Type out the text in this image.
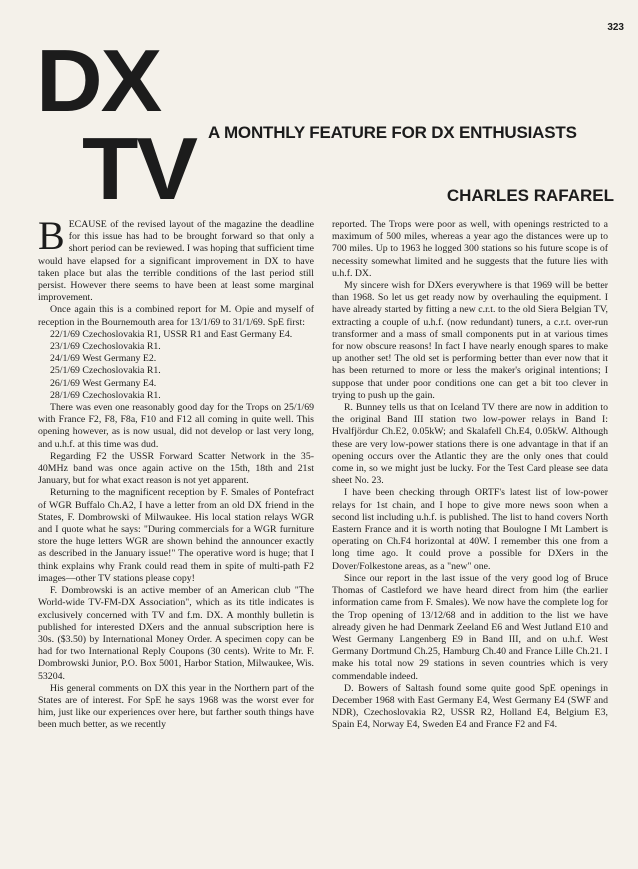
323
DX
TV A MONTHLY FEATURE FOR DX ENTHUSIASTS
CHARLES RAFAREL

BECAUSE of the revised layout of the magazine the deadline for this issue has had to be brought forward so that only a short period can be reviewed. I was hoping that sufficient time would have elapsed for a significant improvement in DX to have taken place but alas the terrible conditions of the last period still persist. However there seems to have been at least some marginal improvement.

Once again this is a combined report for M. Opie and myself of reception in the Bournemouth area for 13/1/69 to 31/1/69. SpE first:

22/1/69 Czechoslovakia R1, USSR R1 and East Germany E4.

23/1/69 Czechoslovakia R1.

24/1/69 West Germany E2.

25/1/69 Czechoslovakia R1.

26/1/69 West Germany E4.

28/1/69 Czechoslovakia R1.

There was even one reasonably good day for the Trops on 25/1/69 with France F2, F8, F8a, F10 and F12 all coming in quite well. This opening however, as is now usual, did not develop or last very long, and u.h.f. at this time was dud.

Regarding F2 the USSR Forward Scatter Network in the 35-40MHz band was once again active on the 15th, 18th and 21st January, but for what exact reason is not yet apparent.

Returning to the magnificent reception by F. Smales of Pontefract of WGR Buffalo Ch.A2, I have a letter from an old DX friend in the States, F. Dombrowski of Milwaukee. His local station relays WGR and I quote what he says: "During commercials for a WGR furniture store the huge letters WGR are shown behind the announcer exactly as described in the January issue!" The operative word is huge; that I think explains why Frank could read them in spite of multi-path F2 images—other TV stations please copy!

F. Dombrowski is an active member of an American club "The World-wide TV-FM-DX Association", which as its title indicates is exclusively concerned with TV and f.m. DX. A monthly bulletin is published for interested DXers and the annual subscription here is 30s. ($3.50) by International Money Order. A specimen copy can be had for two International Reply Coupons (30 cents). Write to Mr. F. Dombrowski Junior, P.O. Box 5001, Harbor Station, Milwaukee, Wis. 53204.

His general comments on DX this year in the Northern part of the States are of interest. For SpE he says 1968 was the worst ever for him, just like our experiences over here, but farther south things have been much better, as we recently

reported. The Trops were poor as well, with openings restricted to a maximum of 500 miles, whereas a year ago the distances were up to 700 miles. Up to 1963 he logged 300 stations so his future scope is of necessity somewhat limited and he suggests that the future lies with u.h.f. DX.

My sincere wish for DXers everywhere is that 1969 will be better than 1968. So let us get ready now by overhauling the equipment. I have already started by fitting a new c.r.t. to the old Siera Belgian TV, extracting a couple of u.h.f. (now redundant) tuners, a c.r.t. over-run transformer and a mass of small components put in at various times for now obscure reasons! In fact I have nearly enough spares to make up another set! The old set is performing better than ever now that it has been returned to more or less the maker's original intentions; I suppose that under poor conditions one can get a bit too clever in trying to push up the gain.

R. Bunney tells us that on Iceland TV there are now in addition to the original Band III station two low-power relays in Band I: Hvalfjördur Ch.E2, 0.05kW; and Skalafell Ch.E4, 0.05kW. Although these are very low-power stations there is one advantage in that if an opening occurs over the Atlantic they are the only ones that could come in, so we might just be lucky. For the Test Card please see data sheet No. 23.

I have been checking through ORTF's latest list of low-power relays for 1st chain, and I hope to give more news soon when a second list including u.h.f. is published. The list to hand covers North Eastern France and it is worth noting that Boulogne I Mt Lambert is operating on Ch.F4 horizontal at 40W. I remember this one from a long time ago. It could prove a possible for DXers in the Dover/Folkestone areas, as a "new" one.

Since our report in the last issue of the very good log of Bruce Thomas of Castleford we have heard direct from him (the earlier information came from F. Smales). We now have the complete log for the Trop opening of 13/12/68 and in addition to the list we have already given he had Denmark Zeeland E6 and West Jutland E10 and West Germany Langenberg E9 in Band III, and on u.h.f. West Germany Dortmund Ch.25, Hamburg Ch.40 and France Lille Ch.21. I make his total now 29 stations in seven countries which is very commendable indeed.

D. Bowers of Saltash found some quite good SpE openings in December 1968 with East Germany E4, West Germany E4 (SWF and NDR), Czechoslovakia R2, USSR R2, Holland E4, Belgium E3, Spain E4, Norway E4, Sweden E4 and France F2 and F4.
